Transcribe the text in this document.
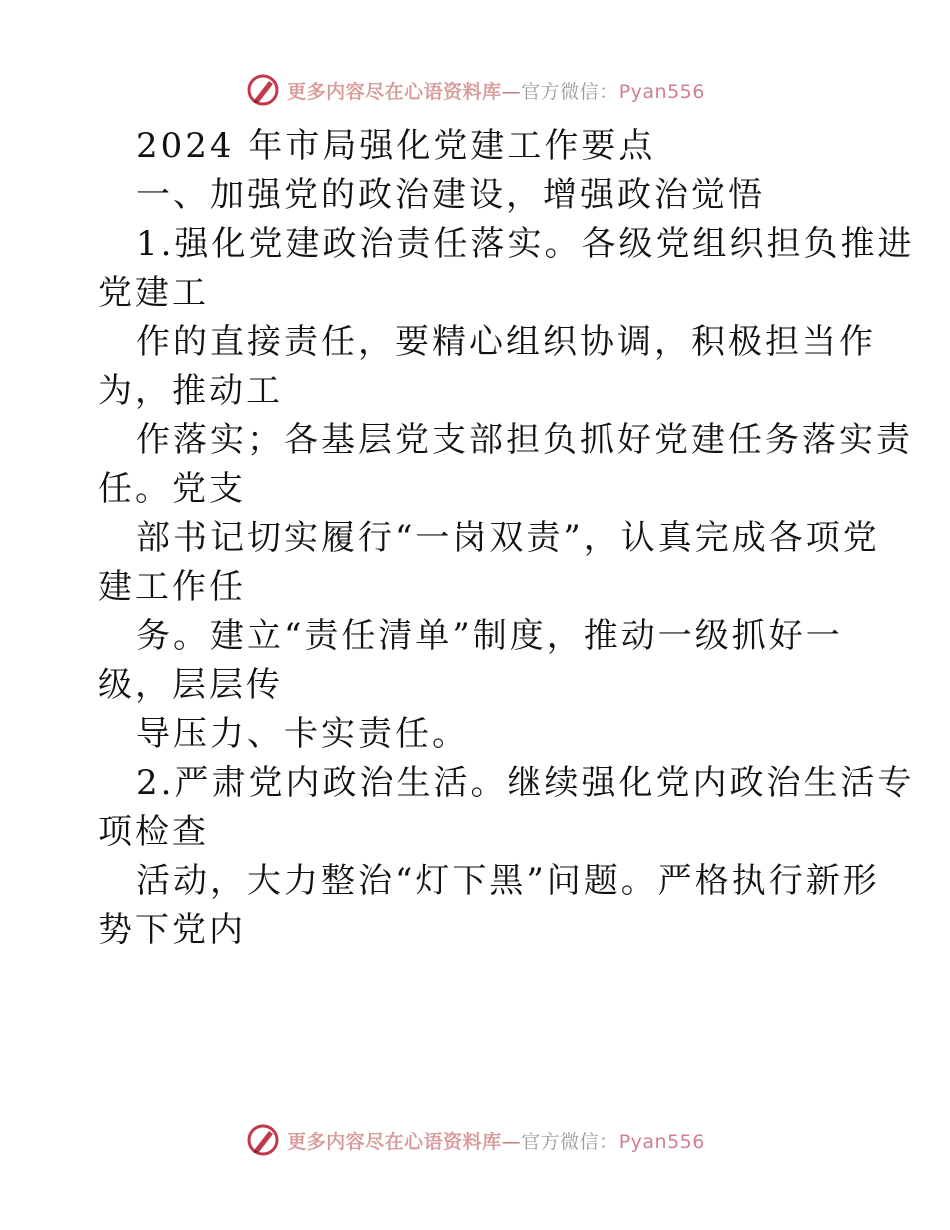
更多内容尽在心语资料库—官方微信：Pyan556
2024 年市局强化党建工作要点
一、加强党的政治建设，增强政治觉悟
1.强化党建政治责任落实。各级党组织担负推进
党建工
作的直接责任，要精心组织协调，积极担当作
为，推动工
作落实；各基层党支部担负抓好党建任务落实责
任。党支
部书记切实履行“一岗双责”，认真完成各项党
建工作任
务。建立“责任清单”制度，推动一级抓好一
级，层层传
导压力、卡实责任。
2.严肃党内政治生活。继续强化党内政治生活专
项检查
活动，大力整治“灯下黑”问题。严格执行新形
势下党内
更多内容尽在心语资料库—官方微信：Pyan556
